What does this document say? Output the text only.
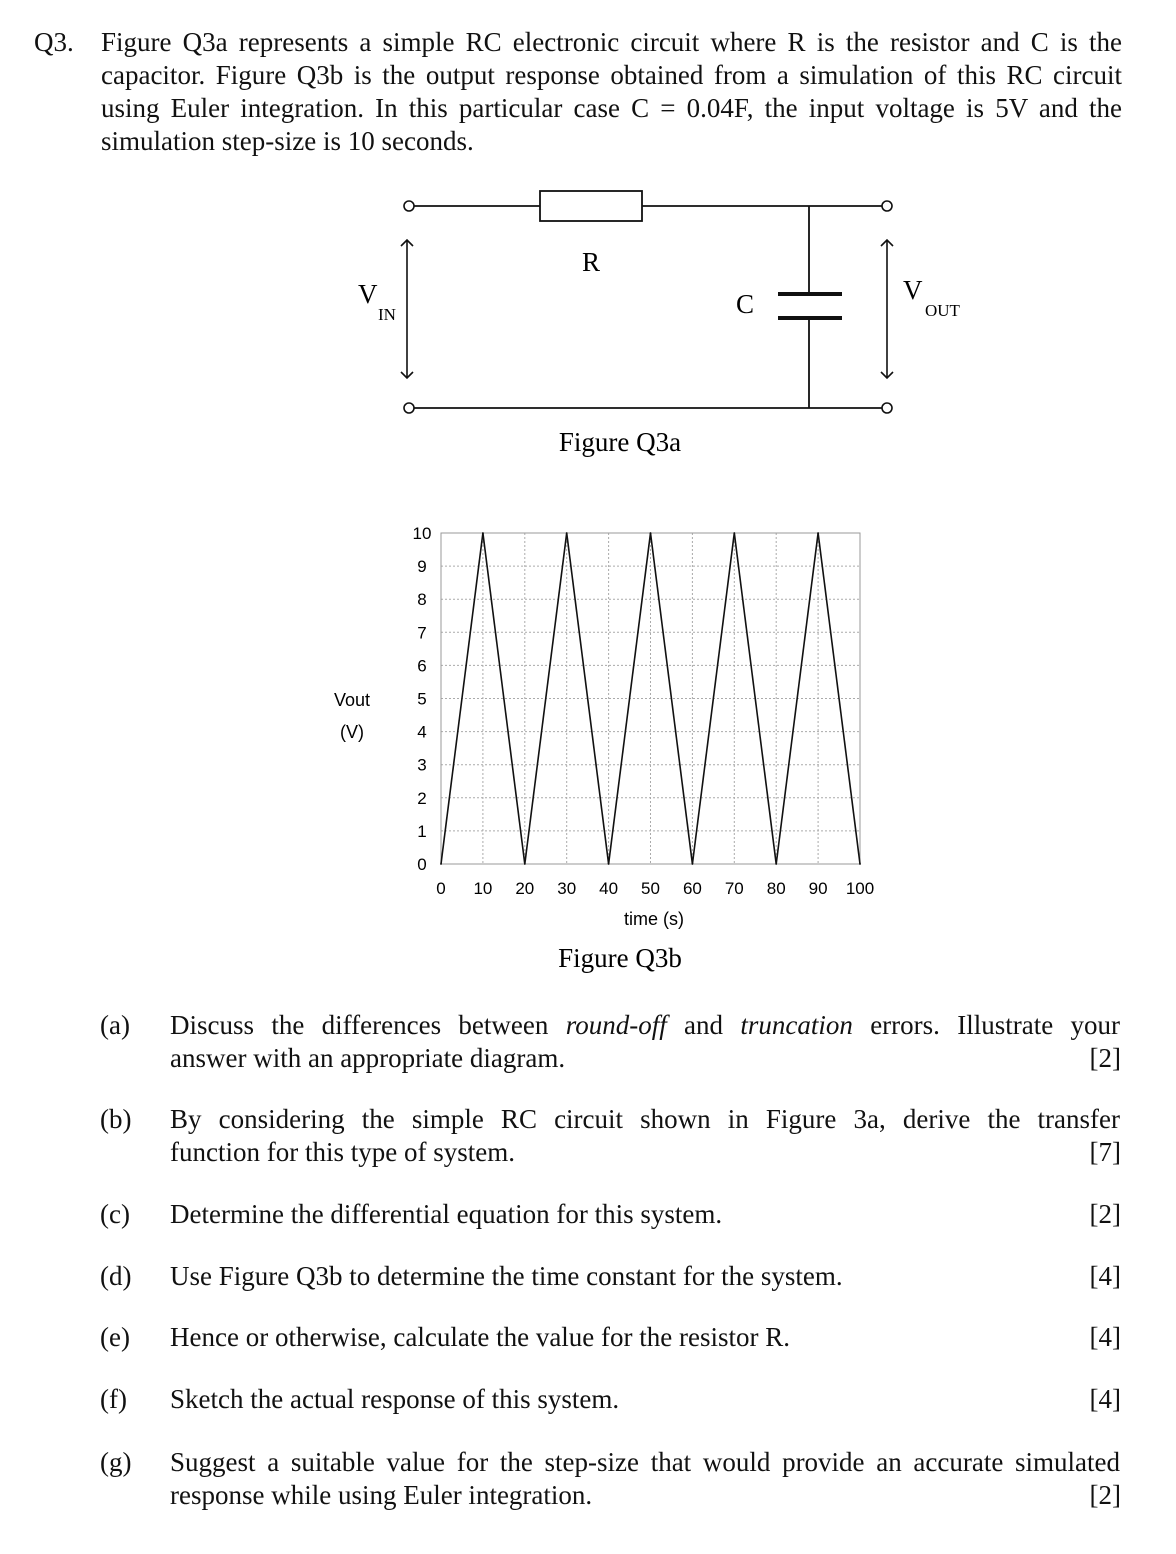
Q3. Figure Q3a represents a simple RC electronic circuit where R is the resistor and C is the
capacitor. Figure Q3b is the output response obtained from a simulation of this RC circuit
using Euler integration. In this particular case C = 0.04F, the input voltage is 5V and the
simulation step-size is 10 seconds.
R
C
V
IN
V
OUT
Figure Q3a
0
1
2
3
4
5
6
7
8
9
10
0 10 20 30 40 50 60 70 80 90 100
Vout
(V)
time (s)
Figure Q3b
(a) Discuss the differences between round-off and truncation errors. Illustrate your
answer with an appropriate diagram.	[2]
(b) By considering the simple RC circuit shown in Figure 3a, derive the transfer
function for this type of system.	[7]
(c) Determine the differential equation for this system.	[2]
(d) Use Figure Q3b to determine the time constant for the system.	[4]
(e) Hence or otherwise, calculate the value for the resistor R.	[4]
(f) Sketch the actual response of this system.	[4]
(g) Suggest a suitable value for the step-size that would provide an accurate simulated
response while using Euler integration.	[2]
